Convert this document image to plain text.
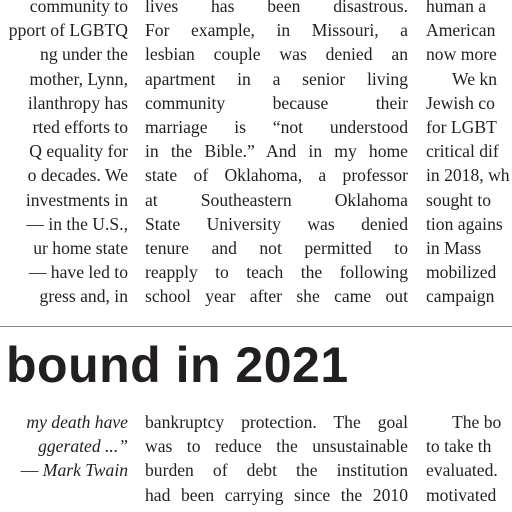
community to
pport of LGBTQ
ng under the
mother, Lynn,
ilanthropy has
rted efforts to
Q equality for
o decades. We
investments in
— in the U.S.,
ur home state
— have led to
gress and, in
lives has been disastrous.
For example, in Missouri, a
lesbian couple was denied an
apartment in a senior living
community because their
marriage is “not understood
in the Bible.” And in my home
state of Oklahoma, a professor
at Southeastern Oklahoma
State University was denied
tenure and not permitted to
reapply to teach the following
school year after she came out
human a
American
now more
We kn
Jewish co
for LGBT
critical dif
in 2018, wh
sought to
tion agains
in Mass
mobilized
campaign
bound in 2021
my death have
ggerated ...”
— Mark Twain
bankruptcy protection. The goal
was to reduce the unsustainable
burden of debt the institution
had been carrying since the 2010
The bo
to take th
evaluated.
motivated
